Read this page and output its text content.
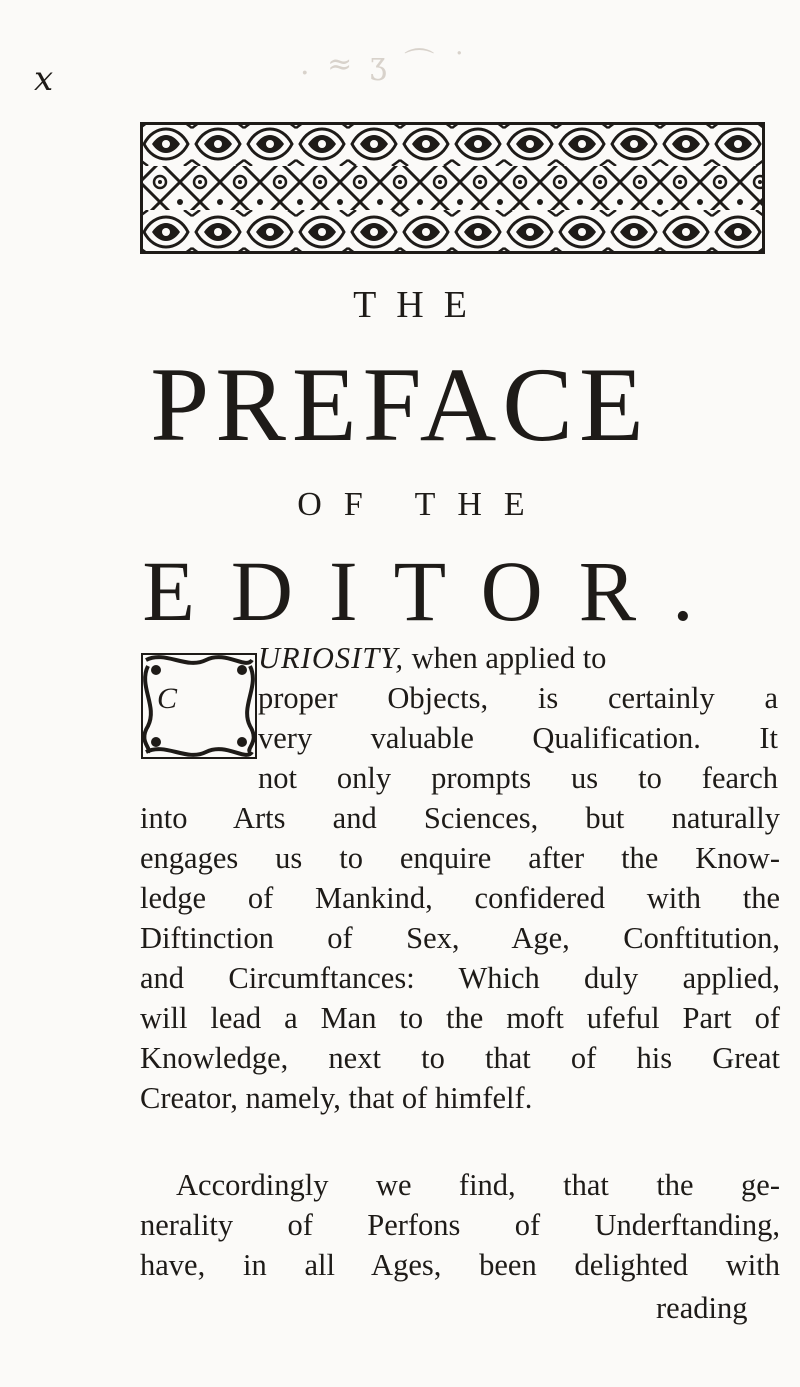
x	. ≈ ʒ ⌒ ˙
THE
PREFACE
OF THE
EDITOR.
C
URIOSITY, when applied to
proper Objects, is certainly a
very valuable Qualification. It
not only prompts us to fearch
into Arts and Sciences, but naturally
engages us to enquire after the Know-
ledge of Mankind, confidered with the
Diftinction of Sex, Age, Conftitution,
and Circumftances: Which duly applied,
will lead a Man to the moft ufeful Part of
Knowledge, next to that of his Great
Creator, namely, that of himfelf.
Accordingly we find, that the ge-
nerality of Perfons of Underftanding,
have, in all Ages, been delighted with
reading
